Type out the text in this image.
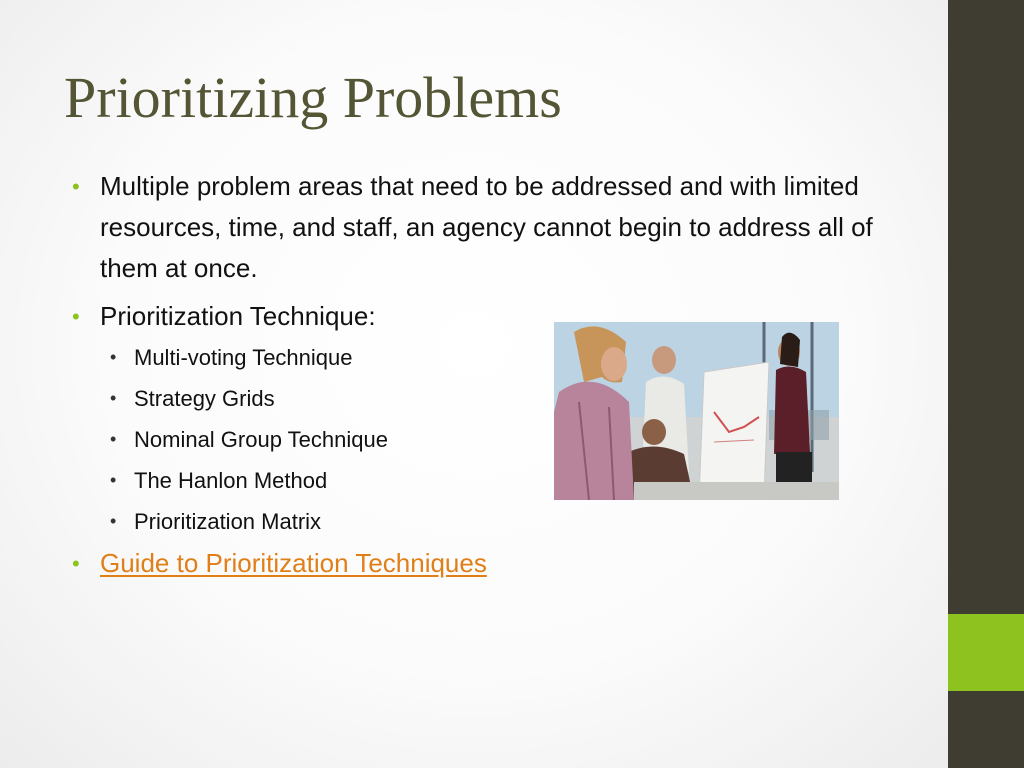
Prioritizing Problems
• Multiple problem areas that need to be addressed and with limited resources, time, and staff, an agency cannot begin to address all of them at once.
• Prioritization Technique:
• Multi-voting Technique
• Strategy Grids
• Nominal Group Technique
• The Hanlon Method
• Prioritization Matrix
• Guide to Prioritization Techniques
